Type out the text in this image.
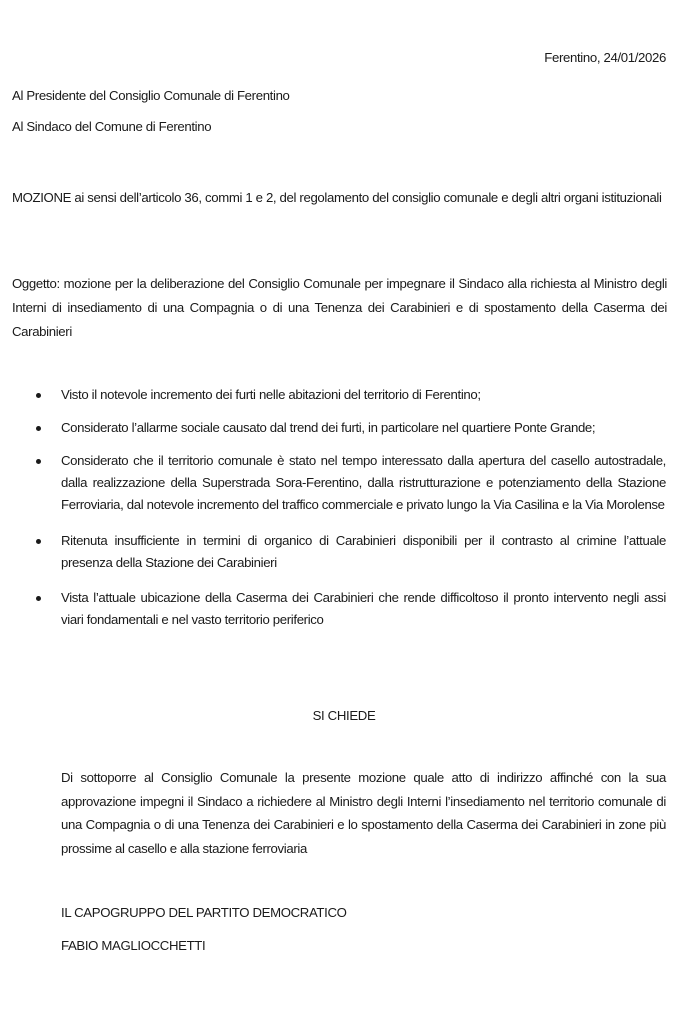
Ferentino, 24/01/2026
Al Presidente del Consiglio Comunale di Ferentino
Al Sindaco del Comune di Ferentino
MOZIONE ai sensi dell’articolo 36, commi 1 e 2, del regolamento del consiglio comunale e degli altri organi istituzionali
Oggetto: mozione per la deliberazione del Consiglio Comunale per impegnare il Sindaco alla richiesta al Ministro degli Interni di insediamento di una Compagnia o di una Tenenza dei Carabinieri e di spostamento della Caserma dei Carabinieri
Visto il notevole incremento dei furti nelle abitazioni del territorio di Ferentino;
Considerato l’allarme sociale causato dal trend dei furti, in particolare nel quartiere Ponte Grande;
Considerato che il territorio comunale è stato nel tempo interessato dalla apertura del casello autostradale, dalla realizzazione della Superstrada Sora-Ferentino, dalla ristrutturazione e potenziamento della Stazione Ferroviaria, dal notevole incremento del traffico commerciale e privato lungo la Via Casilina e la Via Morolense
Ritenuta insufficiente in termini di organico di Carabinieri disponibili per il contrasto al crimine l’attuale presenza della Stazione dei Carabinieri
Vista l’attuale ubicazione della Caserma dei Carabinieri che rende difficoltoso il pronto intervento negli assi viari fondamentali e nel vasto territorio periferico
SI CHIEDE
Di sottoporre al Consiglio Comunale la presente mozione quale atto di indirizzo affinché con la sua approvazione impegni il Sindaco a richiedere al Ministro degli Interni l’insediamento nel territorio comunale di una Compagnia o di una Tenenza dei Carabinieri e lo spostamento della Caserma dei Carabinieri in zone più prossime al casello e alla stazione ferroviaria
IL CAPOGRUPPO DEL PARTITO DEMOCRATICO
FABIO MAGLIOCCHETTI
